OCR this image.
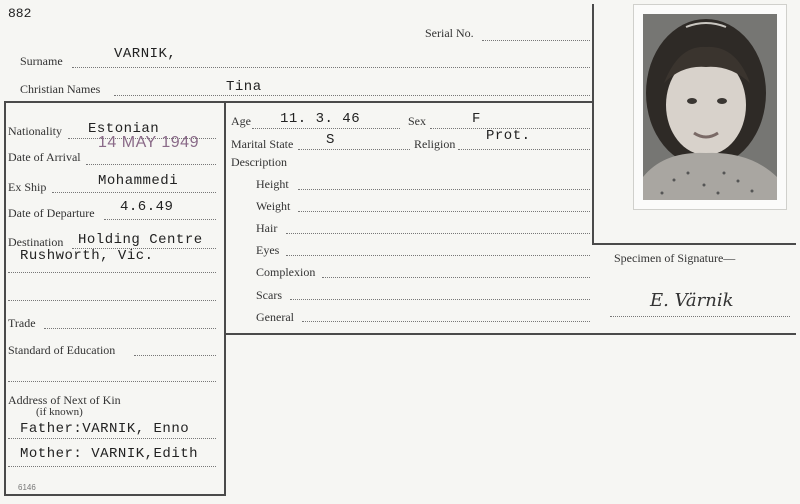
882
Serial No.
Surname	VARNIK,
Christian Names	Tina
Nationality Estonian
Date of Arrival
14 MAY 1949
Ex Ship	Mohammedi
Date of Departure 4.6.49
Destination Holding Centre
Rushworth, Vic.
Trade
Standard of Education
Address of Next of Kin
(if known)
Father:VARNIK, Enno
Mother: VARNIK,Edith
6146
Age 11. 3. 46	Sex	F
Marital State S	Religion Prot.
Description
Height
Weight
Hair
Eyes
Complexion
Scars
General
Specimen of Signature—
E. Värnik
